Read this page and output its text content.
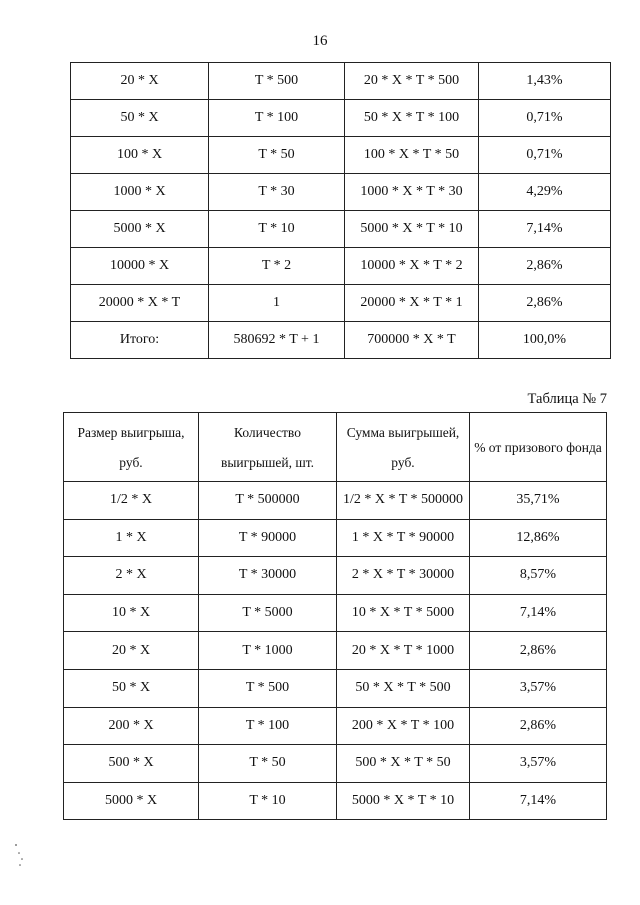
16
20 * X	T * 500	20 * X * T * 500	1,43%
50 * X	T * 100	50 * X * T * 100	0,71%
100 * X	T * 50	100 * X * T * 50	0,71%
1000 * X	T * 30	1000 * X * T * 30	4,29%
5000 * X	T * 10	5000 * X * T * 10	7,14%
10000 * X	T * 2	10000 * X * T * 2	2,86%
20000 * X * T	1	20000 * X * T * 1	2,86%
Итого:	580692 * T + 1	700000 * X * T	100,0%
Таблица № 7
Размер выигрыша, руб.	Количество выигрышей, шт.	Сумма выигрышей, руб.	% от призового фонда
1/2 * X	T * 500000	1/2 * X * T * 500000	35,71%
1 * X	T * 90000	1 * X * T * 90000	12,86%
2 * X	T * 30000	2 * X * T * 30000	8,57%
10 * X	T * 5000	10 * X * T * 5000	7,14%
20 * X	T * 1000	20 * X * T * 1000	2,86%
50 * X	T * 500	50 * X * T * 500	3,57%
200 * X	T * 100	200 * X * T * 100	2,86%
500 * X	T * 50	500 * X * T * 50	3,57%
5000 * X	T * 10	5000 * X * T * 10	7,14%
